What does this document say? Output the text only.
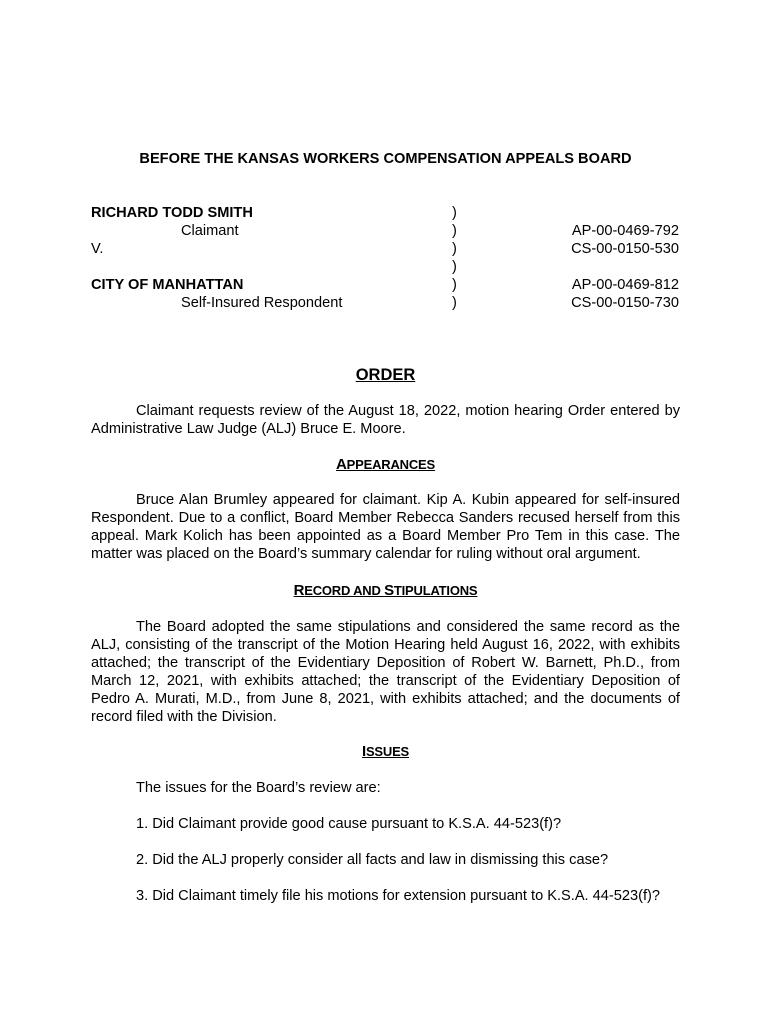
BEFORE THE KANSAS WORKERS COMPENSATION APPEALS BOARD
RICHARD TODD SMITH
Claimant
V.
CITY OF MANHATTAN
Self-Insured Respondent
)
)
)
)
)
)
AP-00-0469-792
CS-00-0150-530
AP-00-0469-812
CS-00-0150-730
ORDER

Claimant requests review of the August 18, 2022, motion hearing Order entered by Administrative Law Judge (ALJ) Bruce E. Moore.

APPEARANCES

Bruce Alan Brumley appeared for claimant. Kip A. Kubin appeared for self-insured Respondent. Due to a conflict, Board Member Rebecca Sanders recused herself from this appeal. Mark Kolich has been appointed as a Board Member Pro Tem in this case. The matter was placed on the Board’s summary calendar for ruling without oral argument.

RECORD AND STIPULATIONS

The Board adopted the same stipulations and considered the same record as the ALJ, consisting of the transcript of the Motion Hearing held August 16, 2022, with exhibits attached; the transcript of the Evidentiary Deposition of Robert W. Barnett, Ph.D., from March 12, 2021, with exhibits attached; the transcript of the Evidentiary Deposition of Pedro A. Murati, M.D., from June 8, 2021, with exhibits attached; and the documents of record filed with the Division.

ISSUES
The issues for the Board’s review are:
1. Did Claimant provide good cause pursuant to K.S.A. 44-523(f)?
2. Did the ALJ properly consider all facts and law in dismissing this case?
3. Did Claimant timely file his motions for extension pursuant to K.S.A. 44-523(f)?
